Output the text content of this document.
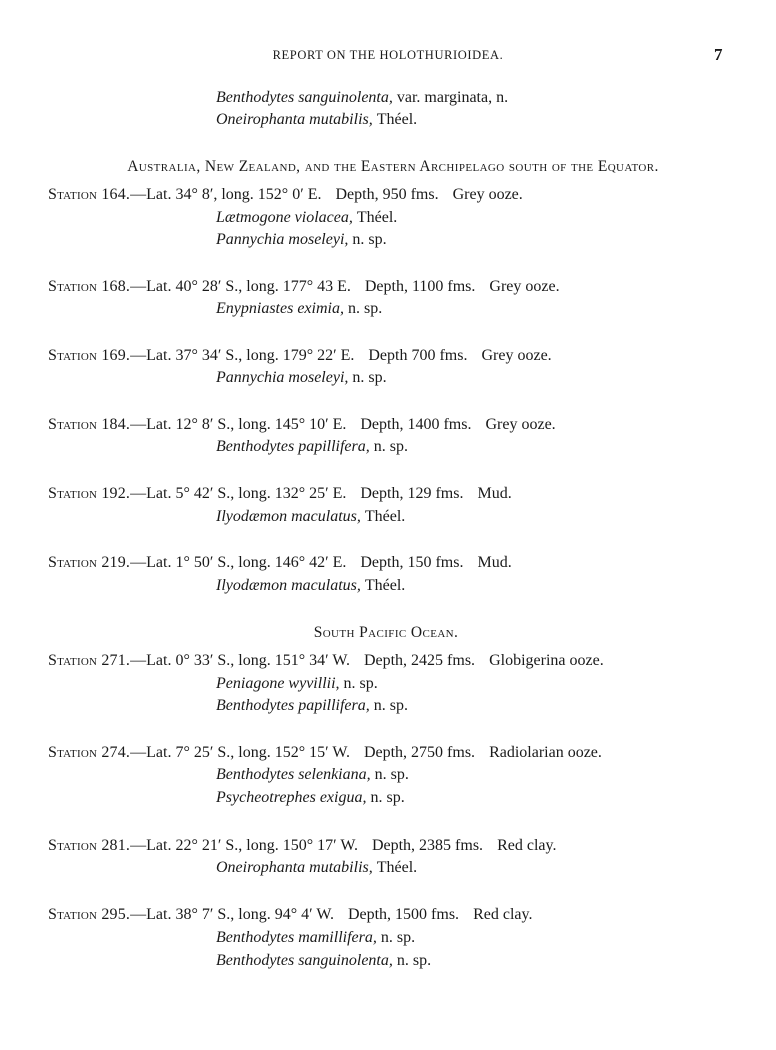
REPORT ON THE HOLOTHURIOIDEA.	7
Benthodytes sanguinolenta, var. marginata, n.
Oneirophanta mutabilis, Théel.
Australia, New Zealand, and the Eastern Archipelago south of the Equator.
Station 164.—Lat. 34° 8′, long. 152° 0′ E. Depth, 950 fms. Grey ooze.
Lætmogone violacea, Théel.
Pannychia moseleyi, n. sp.
Station 168.—Lat. 40° 28′ S., long. 177° 43 E. Depth, 1100 fms. Grey ooze.
Enypniastes eximia, n. sp.
Station 169.—Lat. 37° 34′ S., long. 179° 22′ E. Depth 700 fms. Grey ooze.
Pannychia moseleyi, n. sp.
Station 184.—Lat. 12° 8′ S., long. 145° 10′ E. Depth, 1400 fms. Grey ooze.
Benthodytes papillifera, n. sp.
Station 192.—Lat. 5° 42′ S., long. 132° 25′ E. Depth, 129 fms. Mud.
Ilyodæmon maculatus, Théel.
Station 219.—Lat. 1° 50′ S., long. 146° 42′ E. Depth, 150 fms. Mud.
Ilyodæmon maculatus, Théel.
South Pacific Ocean.
Station 271.—Lat. 0° 33′ S., long. 151° 34′ W. Depth, 2425 fms. Globigerina ooze.
Peniagone wyvillii, n. sp.
Benthodytes papillifera, n. sp.
Station 274.—Lat. 7° 25′ S., long. 152° 15′ W. Depth, 2750 fms. Radiolarian ooze.
Benthodytes selenkiana, n. sp.
Psycheotrephes exigua, n. sp.
Station 281.—Lat. 22° 21′ S., long. 150° 17′ W. Depth, 2385 fms. Red clay.
Oneirophanta mutabilis, Théel.
Station 295.—Lat. 38° 7′ S., long. 94° 4′ W. Depth, 1500 fms. Red clay.
Benthodytes mamillifera, n. sp.
Benthodytes sanguinolenta, n. sp.
